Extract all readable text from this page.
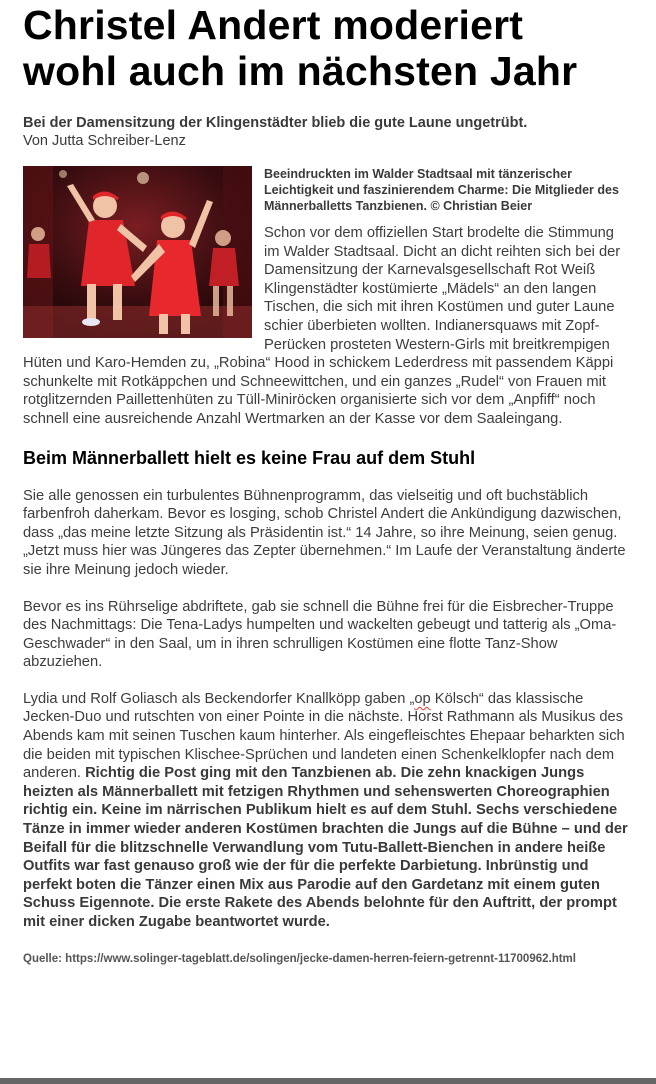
Christel Andert moderiert wohl auch im nächsten Jahr

Bei der Damensitzung der Klingenstädter blieb die gute Laune ungetrübt.

Von Jutta Schreiber-Lenz

Beeindruckten im Walder Stadtsaal mit tänzerischer Leichtigkeit und faszinierendem Charme: Die Mitglieder des Männerballetts Tanzbienen. © Christian Beier

Schon vor dem offiziellen Start brodelte die Stimmung im Walder Stadtsaal. Dicht an dicht reihten sich bei der Damensitzung der Karnevalsgesellschaft Rot Weiß Klingenstädter kostümierte „Mädels“ an den langen Tischen, die sich mit ihren Kostümen und guter Laune schier überbieten wollten. Indianersquaws mit Zopf-Perücken prosteten Western-Girls mit breitkrempigen Hüten und Karo-Hemden zu, „Robina“ Hood in schickem Lederdress mit passendem Käppi schunkelte mit Rotkäppchen und Schneewittchen, und ein ganzes „Rudel“ von Frauen mit rotglitzernden Paillettenhüten zu Tüll-Miniröcken organisierte sich vor dem „Anpfiff“ noch schnell eine ausreichende Anzahl Wertmarken an der Kasse vor dem Saaleingang.

Beim Männerballett hielt es keine Frau auf dem Stuhl

Sie alle genossen ein turbulentes Bühnenprogramm, das vielseitig und oft buchstäblich farbenfroh daherkam. Bevor es losging, schob Christel Andert die Ankündigung dazwischen, dass „das meine letzte Sitzung als Präsidentin ist.“ 14 Jahre, so ihre Meinung, seien genug. „Jetzt muss hier was Jüngeres das Zepter übernehmen.“ Im Laufe der Veranstaltung änderte sie ihre Meinung jedoch wieder.

Bevor es ins Rührselige abdriftete, gab sie schnell die Bühne frei für die Eisbrecher-Truppe des Nachmittags: Die Tena-Ladys humpelten und wackelten gebeugt und tatterig als „Oma-Geschwader“ in den Saal, um in ihren schrulligen Kostümen eine flotte Tanz-Show abzuziehen.

Lydia und Rolf Goliasch als Beckendorfer Knallköpp gaben „op Kölsch“ das klassische Jecken-Duo und rutschten von einer Pointe in die nächste. Horst Rathmann als Musikus des Abends kam mit seinen Tuschen kaum hinterher. Als eingefleischtes Ehepaar beharkten sich die beiden mit typischen Klischee-Sprüchen und landeten einen Schenkelklopfer nach dem anderen. Richtig die Post ging mit den Tanzbienen ab. Die zehn knackigen Jungs heizten als Männerballett mit fetzigen Rhythmen und sehenswerten Choreographien richtig ein. Keine im närrischen Publikum hielt es auf dem Stuhl. Sechs verschiedene Tänze in immer wieder anderen Kostümen brachten die Jungs auf die Bühne – und der Beifall für die blitzschnelle Verwandlung vom Tutu-Ballett-Bienchen in andere heiße Outfits war fast genauso groß wie der für die perfekte Darbietung. Inbrünstig und perfekt boten die Tänzer einen Mix aus Parodie auf den Gardetanz mit einem guten Schuss Eigennote. Die erste Rakete des Abends belohnte für den Auftritt, der prompt mit einer dicken Zugabe beantwortet wurde.

Quelle: https://www.solinger-tageblatt.de/solingen/jecke-damen-herren-feiern-getrennt-11700962.html
